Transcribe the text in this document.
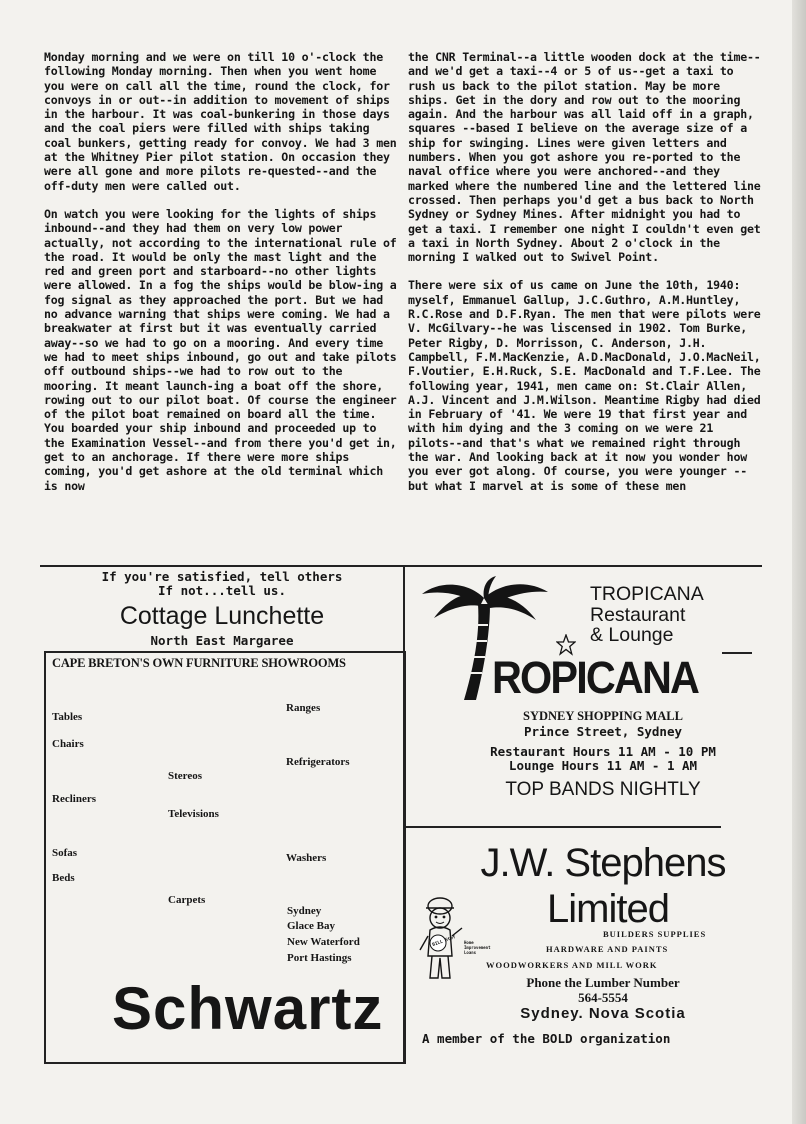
Monday morning and we were on till 10 o'-clock the following Monday morning. Then when you went home you were on call all the time, round the clock, for convoys in or out--in addition to movement of ships in the harbour. It was coal-bunkering in those days and the coal piers were filled with ships taking coal bunkers, getting ready for convoy. We had 3 men at the Whitney Pier pilot station. On occasion they were all gone and more pilots re-quested--and the off-duty men were called out.

On watch you were looking for the lights of ships inbound--and they had them on very low power actually, not according to the international rule of the road. It would be only the mast light and the red and green port and starboard--no other lights were allowed. In a fog the ships would be blow-ing a fog signal as they approached the port. But we had no advance warning that ships were coming. We had a breakwater at first but it was eventually carried away--so we had to go on a mooring. And every time we had to meet ships inbound, go out and take pilots off outbound ships--we had to row out to the mooring. It meant launch-ing a boat off the shore, rowing out to our pilot boat. Of course the engineer of the pilot boat remained on board all the time. You boarded your ship inbound and proceeded up to the Examination Vessel--and from there you'd get in, get to an anchorage. If there were more ships coming, you'd get ashore at the old terminal which is now

the CNR Terminal--a little wooden dock at the time--and we'd get a taxi--4 or 5 of us--get a taxi to rush us back to the pilot station. May be more ships. Get in the dory and row out to the mooring again. And the harbour was all laid off in a graph, squares --based I believe on the average size of a ship for swinging. Lines were given letters and numbers. When you got ashore you re-ported to the naval office where you were anchored--and they marked where the numbered line and the lettered line crossed. Then perhaps you'd get a bus back to North Sydney or Sydney Mines. After midnight you had to get a taxi. I remember one night I couldn't even get a taxi in North Sydney. About 2 o'clock in the morning I walked out to Swivel Point.

There were six of us came on June the 10th, 1940: myself, Emmanuel Gallup, J.C.Guthro, A.M.Huntley, R.C.Rose and D.F.Ryan. The men that were pilots were V. McGilvary--he was liscensed in 1902. Tom Burke, Peter Rigby, D. Morrisson, C. Anderson, J.H. Campbell, F.M.MacKenzie, A.D.MacDonald, J.O.MacNeil, F.Voutier, E.H.Ruck, S.E. MacDonald and T.F.Lee. The following year, 1941, men came on: St.Clair Allen, A.J. Vincent and J.M.Wilson. Meantime Rigby had died in February of '41. We were 19 that first year and with him dying and the 3 coming on we were 21 pilots--and that's what we remained right through the war. And looking back at it now you wonder how you ever got along. Of course, you were younger --but what I marvel at is some of these men

If you're satisfied, tell others
If not...tell us.
Cottage Lunchette
North East Margaree
CAPE BRETON'S OWN FURNITURE SHOWROOMS
Tables
Chairs
Stereos
Recliners
Televisions
Sofas
Beds
Carpets
Ranges
Refrigerators
Washers
Sydney
Glace Bay
New Waterford
Port Hastings
Schwartz
TROPICANA
Restaurant
& Lounge
ROPICANA
SYDNEY SHOPPING MALL
Prince Street, Sydney
Restaurant Hours 11 AM - 10 PM
Lounge Hours 11 AM - 1 AM
TOP BANDS NIGHTLY
J.W. Stephens
Limited
BILL Stef Home Improvement Loans
BUILDERS SUPPLIES
HARDWARE AND PAINTS
WOODWORKERS AND MILL WORK
Phone the Lumber Number
564-5554
Sydney. Nova Scotia
A member of the BOLD organization
